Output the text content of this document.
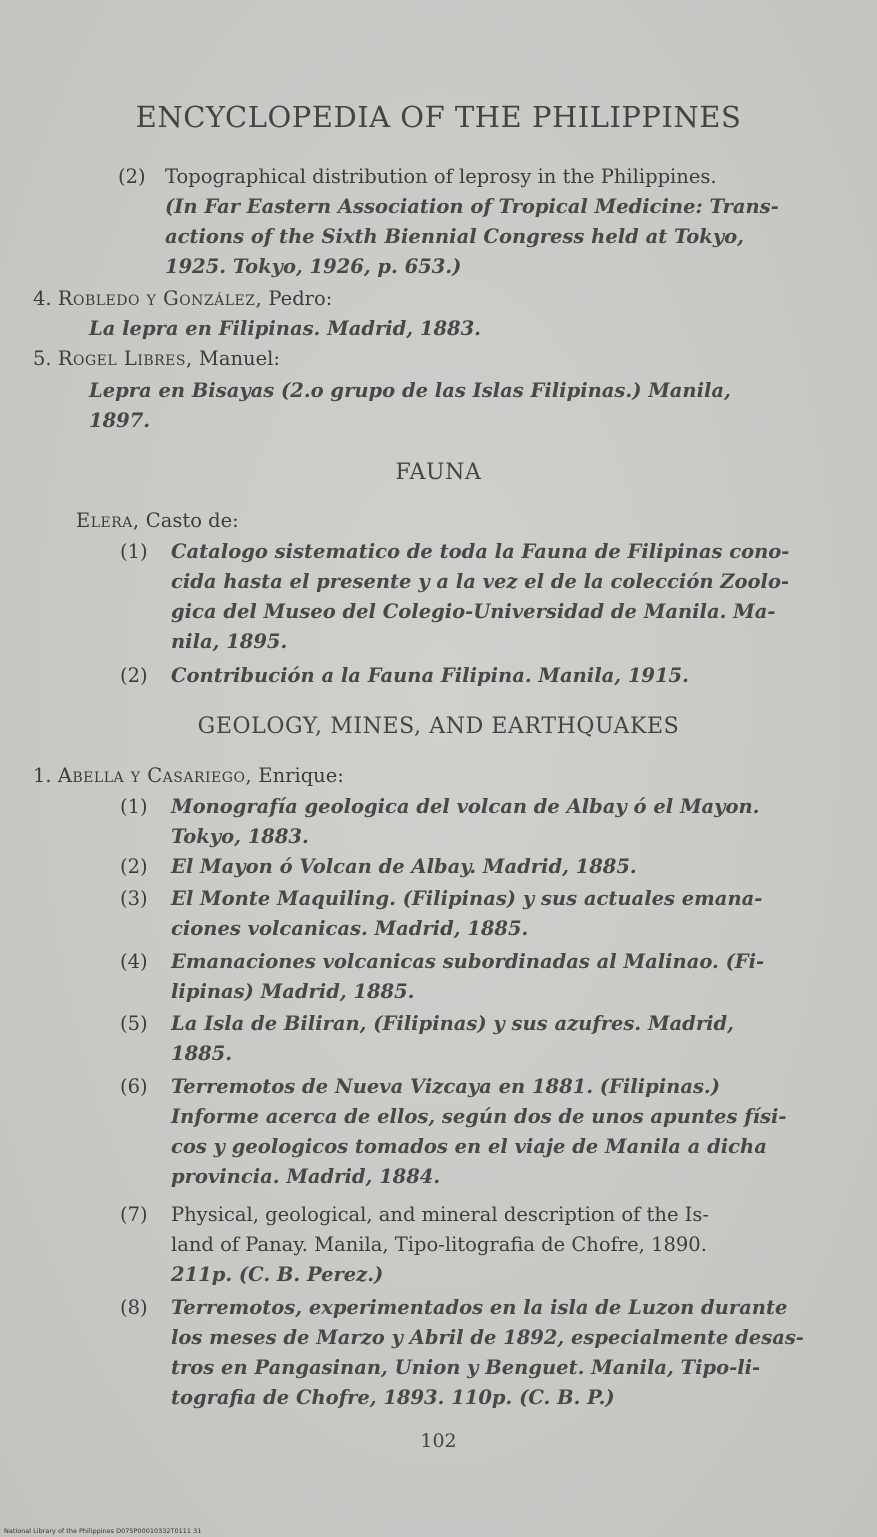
ENCYCLOPEDIA OF THE PHILIPPINES
(2) Topographical distribution of leprosy in the Philippines.
(In Far Eastern Association of Tropical Medicine: Trans-
actions of the Sixth Biennial Congress held at Tokyo,
1925. Tokyo, 1926, p. 653.)
4. Robledo y González, Pedro:
La lepra en Filipinas. Madrid, 1883.
5. Rogel Libres, Manuel:
Lepra en Bisayas (2.o grupo de las Islas Filipinas.) Manila,
1897.
FAUNA
Elera, Casto de:
(1) Catalogo sistematico de toda la Fauna de Filipinas cono-
cida hasta el presente y a la vez el de la colección Zoolo-
gica del Museo del Colegio-Universidad de Manila. Ma-
nila, 1895.
(2) Contribución a la Fauna Filipina. Manila, 1915.
GEOLOGY, MINES, AND EARTHQUAKES
1. Abella y Casariego, Enrique:
(1) Monografía geologica del volcan de Albay ó el Mayon.
Tokyo, 1883.
(2) El Mayon ó Volcan de Albay. Madrid, 1885.
(3) El Monte Maquiling. (Filipinas) y sus actuales emana-
ciones volcanicas. Madrid, 1885.
(4) Emanaciones volcanicas subordinadas al Malinao. (Fi-
lipinas) Madrid, 1885.
(5) La Isla de Biliran, (Filipinas) y sus azufres. Madrid,
1885.
(6) Terremotos de Nueva Vizcaya en 1881. (Filipinas.)
Informe acerca de ellos, según dos de unos apuntes físi-
cos y geologicos tomados en el viaje de Manila a dicha
provincia. Madrid, 1884.
(7) Physical, geological, and mineral description of the Is-
land of Panay. Manila, Tipo-litografia de Chofre, 1890.
211p. (C. B. Perez.)
(8) Terremotos, experimentados en la isla de Luzon durante
los meses de Marzo y Abril de 1892, especialmente desas-
tros en Pangasinan, Union y Benguet. Manila, Tipo-li-
tografia de Chofre, 1893. 110p. (C. B. P.)
102
National Library of the Philippines D075P00010332T0111 31
